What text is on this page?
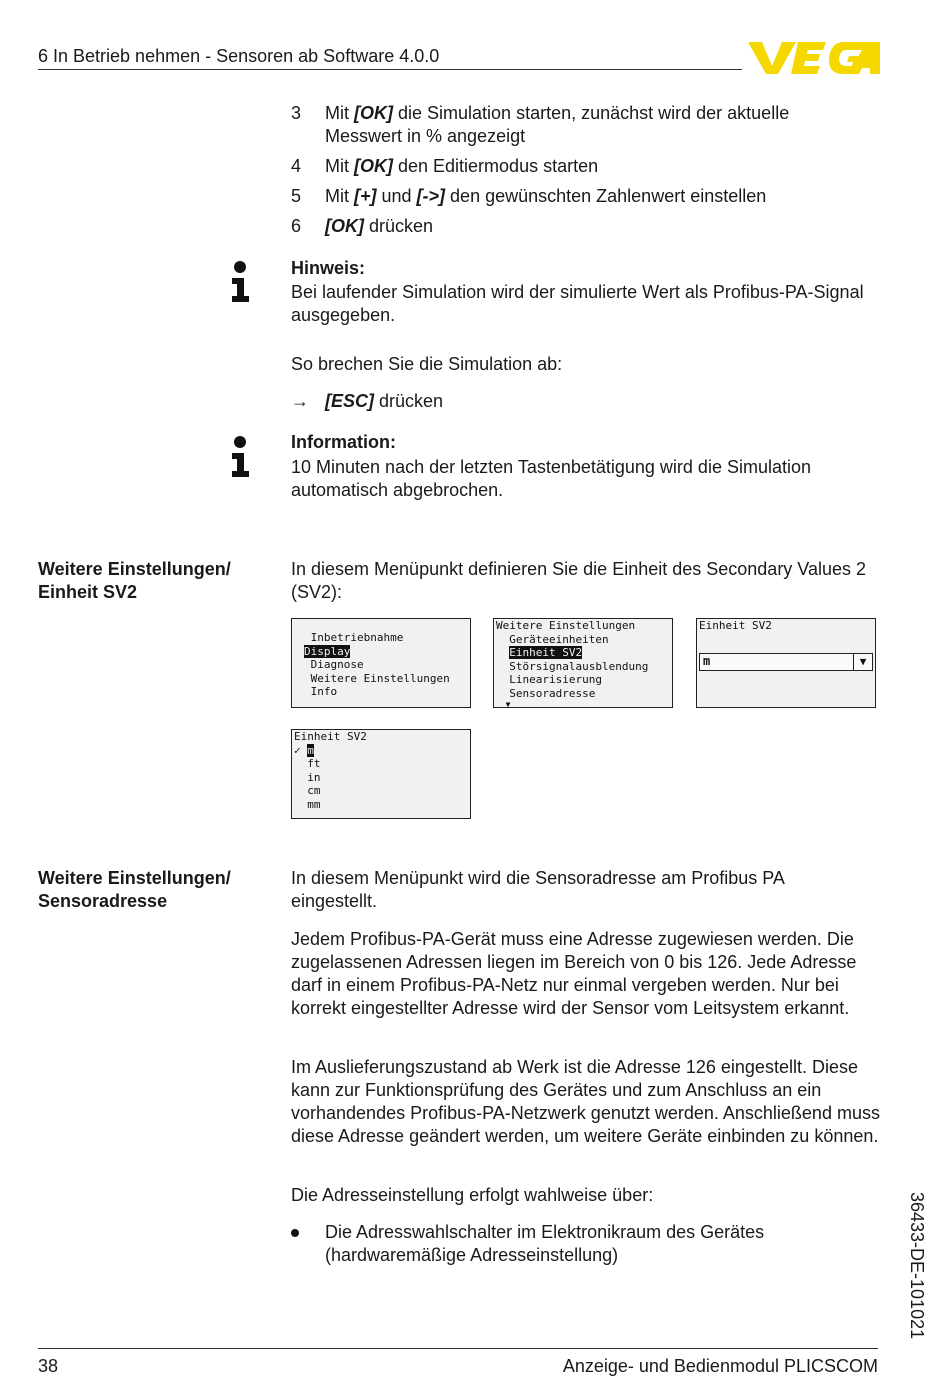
6 In Betrieb nehmen - Sensoren ab Software 4.0.0
3 Mit [OK] die Simulation starten, zunächst wird der aktuelle Messwert in % angezeigt
4 Mit [OK] den Editiermodus starten
5 Mit [+] und [->] den gewünschten Zahlenwert einstellen
6 [OK] drücken
Hinweis:
Bei laufender Simulation wird der simulierte Wert als Profibus-PA-Signal ausgegeben.
So brechen Sie die Simulation ab:
→ [ESC] drücken
Information:
10 Minuten nach der letzten Tastenbetätigung wird die Simulation automatisch abgebrochen.
Weitere Einstellungen/
Einheit SV2
In diesem Menüpunkt definieren Sie die Einheit des Secondary Values 2 (SV2):
Inbetriebnahme
Display
Diagnose
Weitere Einstellungen
Info
Weitere Einstellungen
Geräteeinheiten
Einheit SV2
Störsignalausblendung
Linearisierung
Sensoradresse
▼
Einheit SV2
m	▼
Einheit SV2
✓ m
ft
in
cm
mm
Weitere Einstellungen/
Sensoradresse
In diesem Menüpunkt wird die Sensoradresse am Profibus PA eingestellt.
Jedem Profibus-PA-Gerät muss eine Adresse zugewiesen werden. Die zugelassenen Adressen liegen im Bereich von 0 bis 126. Jede Adresse darf in einem Profibus-PA-Netz nur einmal vergeben werden. Nur bei korrekt eingestellter Adresse wird der Sensor vom Leitsystem erkannt.
Im Auslieferungszustand ab Werk ist die Adresse 126 eingestellt. Diese kann zur Funktionsprüfung des Gerätes und zum Anschluss an ein vorhandendes Profibus-PA-Netzwerk genutzt werden. Anschließend muss diese Adresse geändert werden, um weitere Geräte einbinden zu können.
Die Adresseinstellung erfolgt wahlweise über:
Die Adresswahlschalter im Elektronikraum des Gerätes (hardwaremäßige Adresseinstellung)	36433-DE-101021
38	Anzeige- und Bedienmodul PLICSCOM
